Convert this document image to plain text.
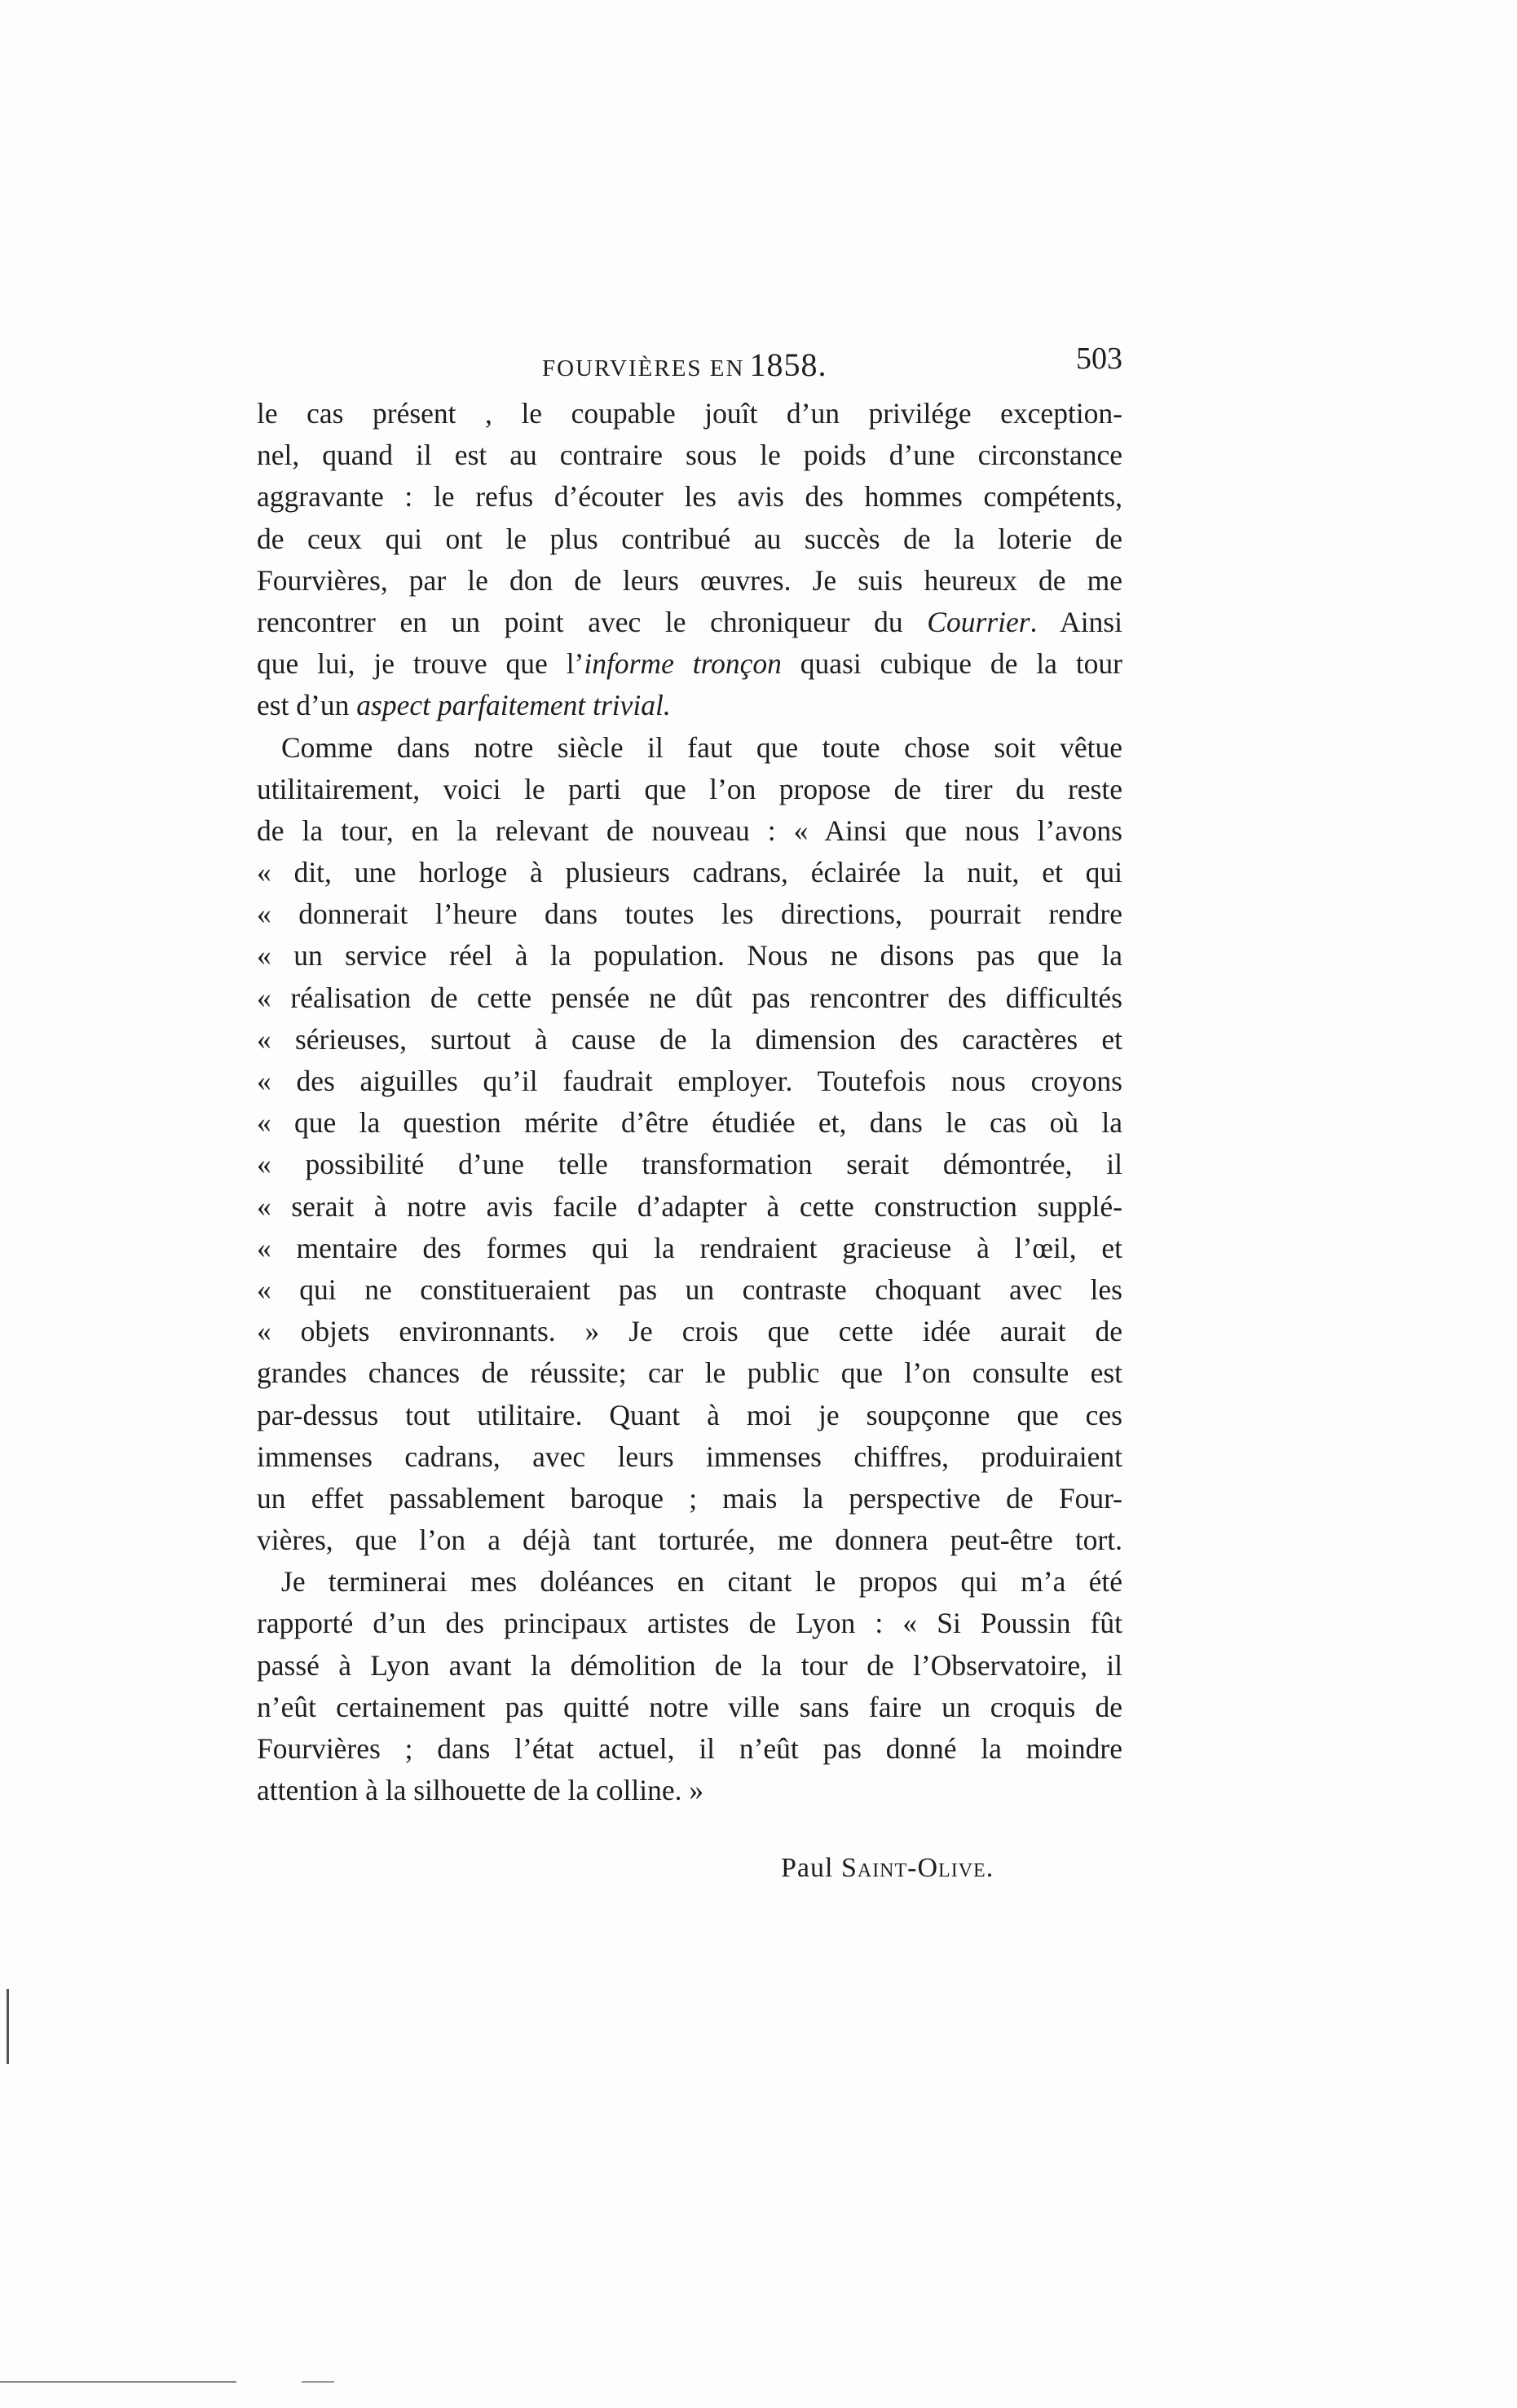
FOURVIÈRES EN 1858.	503
le cas présent , le coupable jouît d’un privilége exception-
nel, quand il est au contraire sous le poids d’une circonstance
aggravante : le refus d’écouter les avis des hommes compétents,
de ceux qui ont le plus contribué au succès de la loterie de
Fourvières, par le don de leurs œuvres. Je suis heureux de me
rencontrer en un point avec le chroniqueur du Courrier. Ainsi
que lui, je trouve que l’informe tronçon quasi cubique de la tour
est d’un aspect parfaitement trivial.
Comme dans notre siècle il faut que toute chose soit vêtue
utilitairement, voici le parti que l’on propose de tirer du reste
de la tour, en la relevant de nouveau : « Ainsi que nous l’avons
« dit, une horloge à plusieurs cadrans, éclairée la nuit, et qui
« donnerait l’heure dans toutes les directions, pourrait rendre
« un service réel à la population. Nous ne disons pas que la
« réalisation de cette pensée ne dût pas rencontrer des difficultés
« sérieuses, surtout à cause de la dimension des caractères et
« des aiguilles qu’il faudrait employer. Toutefois nous croyons
« que la question mérite d’être étudiée et, dans le cas où la
« possibilité d’une telle transformation serait démontrée, il
« serait à notre avis facile d’adapter à cette construction supplé-
« mentaire des formes qui la rendraient gracieuse à l’œil, et
« qui ne constitueraient pas un contraste choquant avec les
« objets environnants. » Je crois que cette idée aurait de
grandes chances de réussite; car le public que l’on consulte est
par-dessus tout utilitaire. Quant à moi je soupçonne que ces
immenses cadrans, avec leurs immenses chiffres, produiraient
un effet passablement baroque ; mais la perspective de Four-
vières, que l’on a déjà tant torturée, me donnera peut-être tort.
Je terminerai mes doléances en citant le propos qui m’a été
rapporté d’un des principaux artistes de Lyon : « Si Poussin fût
passé à Lyon avant la démolition de la tour de l’Observatoire, il
n’eût certainement pas quitté notre ville sans faire un croquis de
Fourvières ; dans l’état actuel, il n’eût pas donné la moindre
attention à la silhouette de la colline. »
Paul Saint-Olive.
